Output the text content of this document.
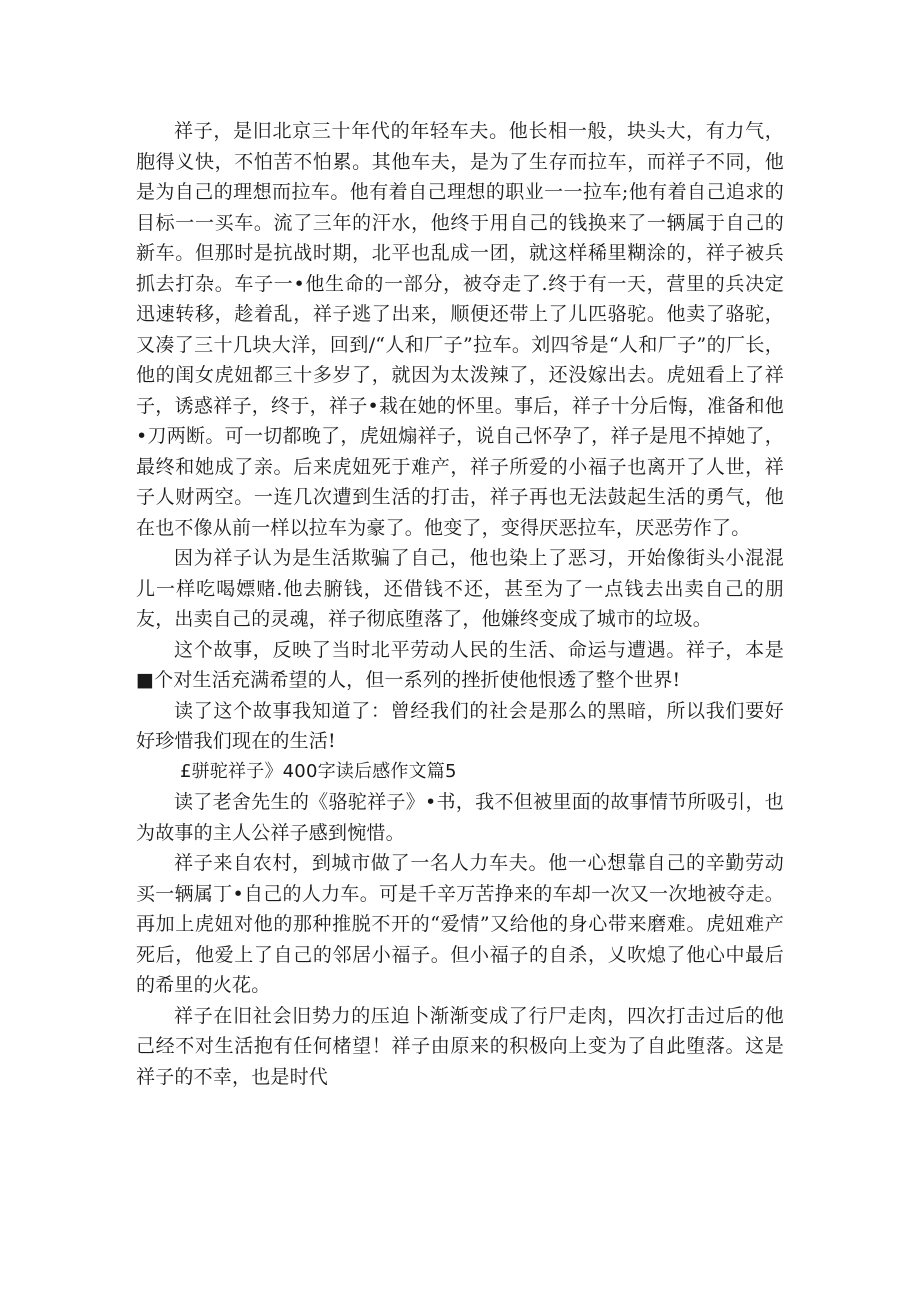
祥子，是旧北京三十年代的年轻车夫。他长相一般，块头大，有力气，胞得义快，不怕苦不怕累。其他车夫，是为了生存而拉车，而祥子不同，他是为自己的理想而拉车。他有着自己理想的职业一一拉车;他有着自己追求的目标一一买车。流了三年的汗水，他终于用自己的钱换来了一辆属于自己的新车。但那时是抗战时期，北平也乱成一团，就这样稀里糊涂的，祥子被兵抓去打杂。车子一•他生命的一部分，被夺走了.终于有一天，营里的兵决定迅速转移，趁着乱，祥子逃了出来，顺便还带上了儿匹骆驼。他卖了骆驼，又凑了三十几块大洋，回到/“人和厂子”拉车。刘四爷是“人和厂子”的厂长，他的闺女虎妞都三十多岁了，就因为太泼辣了，还没嫁出去。虎妞看上了祥子，诱惑祥子，终于，祥子•栽在她的怀里。事后，祥子十分后悔，准备和他•刀两断。可一切都晚了，虎妞煽祥子，说自己怀孕了，祥子是甩不掉她了，最终和她成了亲。后来虎妞死于难产，祥子所爱的小福子也离开了人世，祥子人财两空。一连几次遭到生活的打击，祥子再也无法鼓起生活的勇气，他在也不像从前一样以拉车为豪了。他变了，变得厌恶拉车，厌恶劳作了。

因为祥子认为是生活欺骗了自己，他也染上了恶习，开始像街头小混混儿一样吃喝嫖赌.他去腑钱，还借钱不还，甚至为了一点钱去出卖自己的朋友，出卖自己的灵魂，祥子彻底堕落了，他嫌终变成了城市的垃圾。

这个故事，反映了当时北平劳动人民的生活、命运与遭遇。祥子，本是■个对生活充满希望的人，但一系列的挫折使他恨透了整个世界!

读了这个故事我知道了：曾经我们的社会是那么的黑暗，所以我们要好好珍惜我们现在的生活!

£骈驼祥子》400字读后感作文篇5

读了老舍先生的《骆驼祥子》•书，我不但被里面的故事情节所吸引，也为故事的主人公祥子感到惋惜。

祥子来自农村，到城市做了一名人力车夫。他一心想靠自己的辛勤劳动买一辆属丁•自己的人力车。可是千辛万苦挣来的车却一次又一次地被夺走。再加上虎妞对他的那种推脱不开的“爱情”又给他的身心带来磨难。虎妞难产死后，他爱上了自己的邻居小福子。但小福子的自杀，乂吹熄了他心中最后的希里的火花。

祥子在旧社会旧势力的压迫卜渐渐变成了行尸走肉，四次打击过后的他己经不对生活抱有任何楮望！祥子由原来的积极向上变为了自此堕落。这是祥子的不幸，也是时代
